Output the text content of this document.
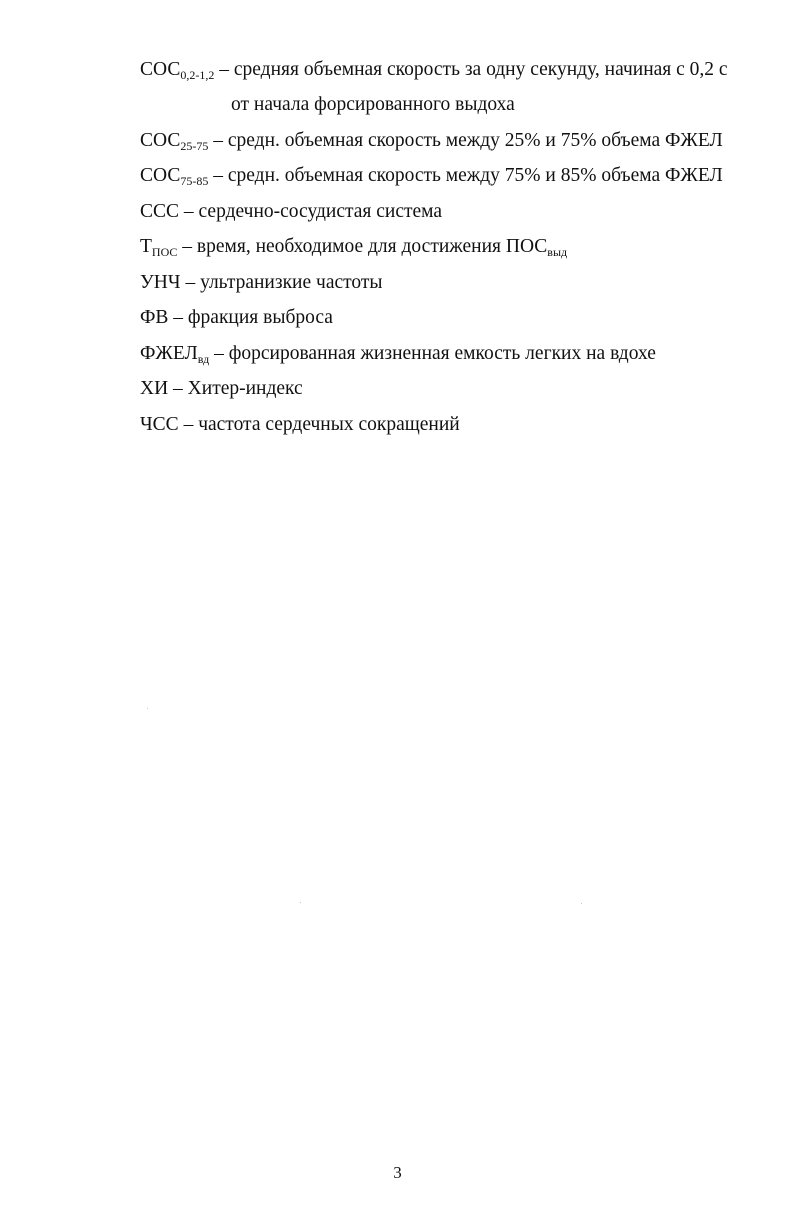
$СОС_{0,2-1,2}$ – средняя объемная скорость за одну секунду, начиная с 0,2 с
от начала форсированного выдоха
$СОС_{25-75}$ – средн. объемная скорость между 25% и 75% объема ФЖЕЛ
$СОС_{75-85}$ – средн. объемная скорость между 75% и 85% объема ФЖЕЛ
ССС – сердечно-сосудистая система
$Т_{ПОС}$ – время, необходимое для достижения $ПОС_{выд}$
УНЧ – ультранизкие частоты
ФВ – фракция выброса
$ФЖЕЛ_{вд}$ – форсированная жизненная емкость легких на вдохе
ХИ – Хитер-индекс
ЧСС – частота сердечных сокращений
3
